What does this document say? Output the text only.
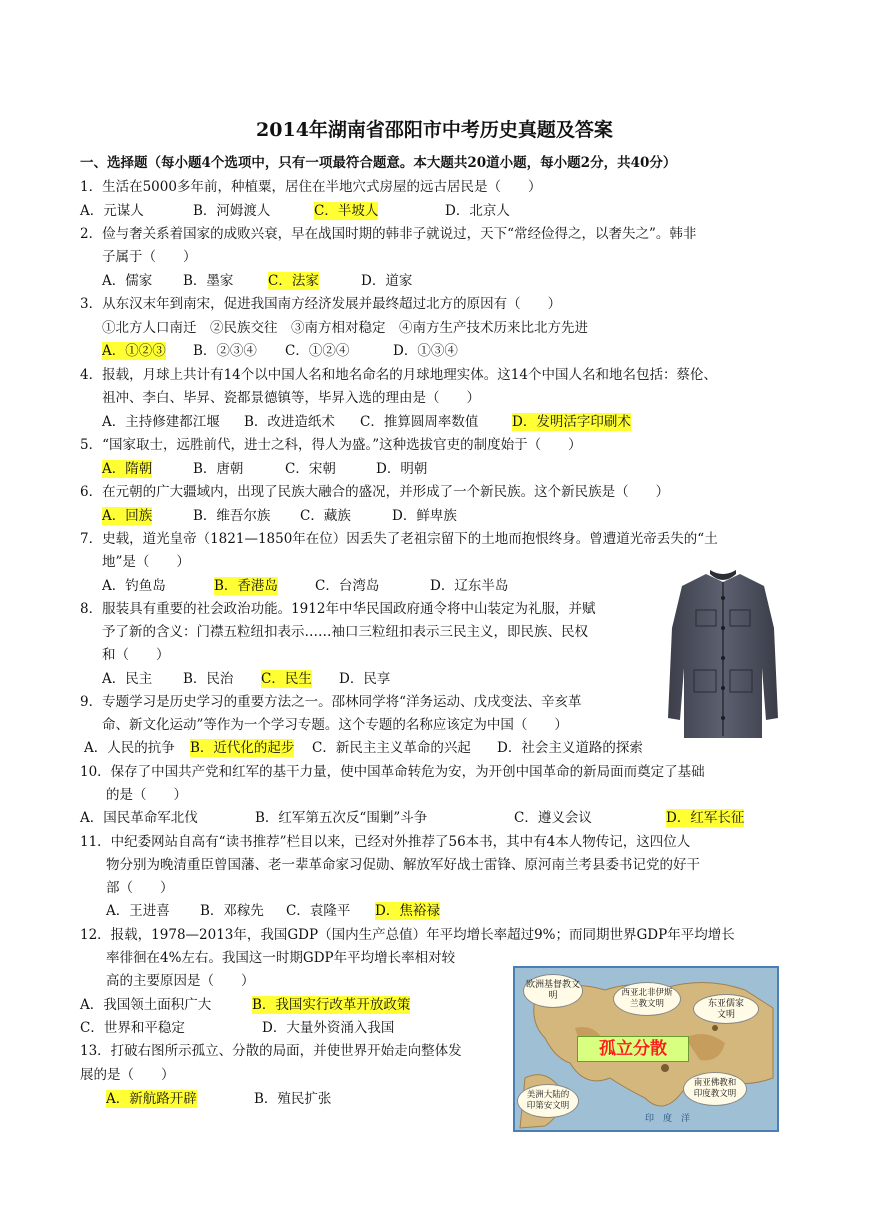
2014年湖南省邵阳市中考历史真题及答案
一、选择题（每小题4个选项中，只有一项最符合题意。本大题共20道小题，每小题2分，共40分）
1．生活在5000多年前，种植粟，居住在半地穴式房屋的远古居民是（　　）
A．元谋人	B．河姆渡人	C．半坡人	D．北京人
2．俭与奢关系着国家的成败兴衰，早在战国时期的韩非子就说过，天下“常经俭得之，以奢失之”。韩非
子属于（　　）
A．儒家 B．墨家	C．法家	D．道家
3．从东汉末年到南宋，促进我国南方经济发展并最终超过北方的原因有（　　）
①北方人口南迁　②民族交往　③南方相对稳定　④南方生产技术历来比北方先进
A．①②③ B．②③④ C．①②④	D．①③④
4．报载，月球上共计有14个以中国人名和地名命名的月球地理实体。这14个中国人名和地名包括：蔡伦、
祖冲、李白、毕昇、瓷都景德镇等，毕昇入选的理由是（　　）
A．主持修建都江堰 B．改进造纸术 C．推算圆周率数值 D．发明活字印刷术
5．“国家取士，远胜前代，进士之科，得人为盛。”这种选拔官吏的制度始于（　　）
A．隋朝	B．唐朝	C．宋朝	D．明朝
6．在元朝的广大疆域内，出现了民族大融合的盛况，并形成了一个新民族。这个新民族是（　　）
A．回族	B．维吾尔族 C．藏族	D．鲜卑族
7．史载，道光皇帝（1821—1850年在位）因丢失了老祖宗留下的土地而抱恨终身。曾遭道光帝丢失的“土
地”是（　　）
A．钓鱼岛	B．香港岛	C．台湾岛	D．辽东半岛
8．服装具有重要的社会政治功能。1912年中华民国政府通令将中山装定为礼服，并赋
予了新的含义：门襟五粒纽扣表示……袖口三粒纽扣表示三民主义，即民族、民权
和（　　）
A．民主 B．民治 C．民生 D．民享
9．专题学习是历史学习的重要方法之一。邵林同学将“洋务运动、戊戌变法、辛亥革
命、新文化运动”等作为一个学习专题。这个专题的名称应该定为中国（　　）
A．人民的抗争 B．近代化的起步 C．新民主主义革命的兴起 D．社会主义道路的探索
10．保存了中国共产党和红军的基干力量，使中国革命转危为安，为开创中国革命的新局面而奠定了基础
的是（　　）
A．国民革命军北伐	B．红军第五次反“围剿”斗争	C．遵义会议	D．红军长征
11．中纪委网站自高有“读书推荐”栏目以来，已经对外推荐了56本书，其中有4本人物传记，这四位人
物分别为晚清重臣曾国藩、老一辈革命家习促勋、解放军好战士雷锋、原河南兰考县委书记党的好干
部（　　）
A．王进喜 B．邓稼先 C．袁隆平 D．焦裕禄
12．报载，1978—2013年，我国GDP（国内生产总值）年平均增长率超过9%；而同期世界GDP年平均增长
率徘徊在4%左右。我国这一时期GDP年平均增长率相对较
高的主要原因是（　　）
A．我国领土面积广大	B．我国实行改革开放政策
C．世界和平稳定	D．大量外资涌入我国
13．打破右图所示孤立、分散的局面，并使世界开始走向整体发
展的是（　　）
A．新航路开辟	B．殖民扩张
欧洲基督教文明	西亚北非伊斯兰教文明	东亚儒家文明
孤立分散
南亚佛教和印度教文明
美洲大陆的印第安文明
印　度　洋
